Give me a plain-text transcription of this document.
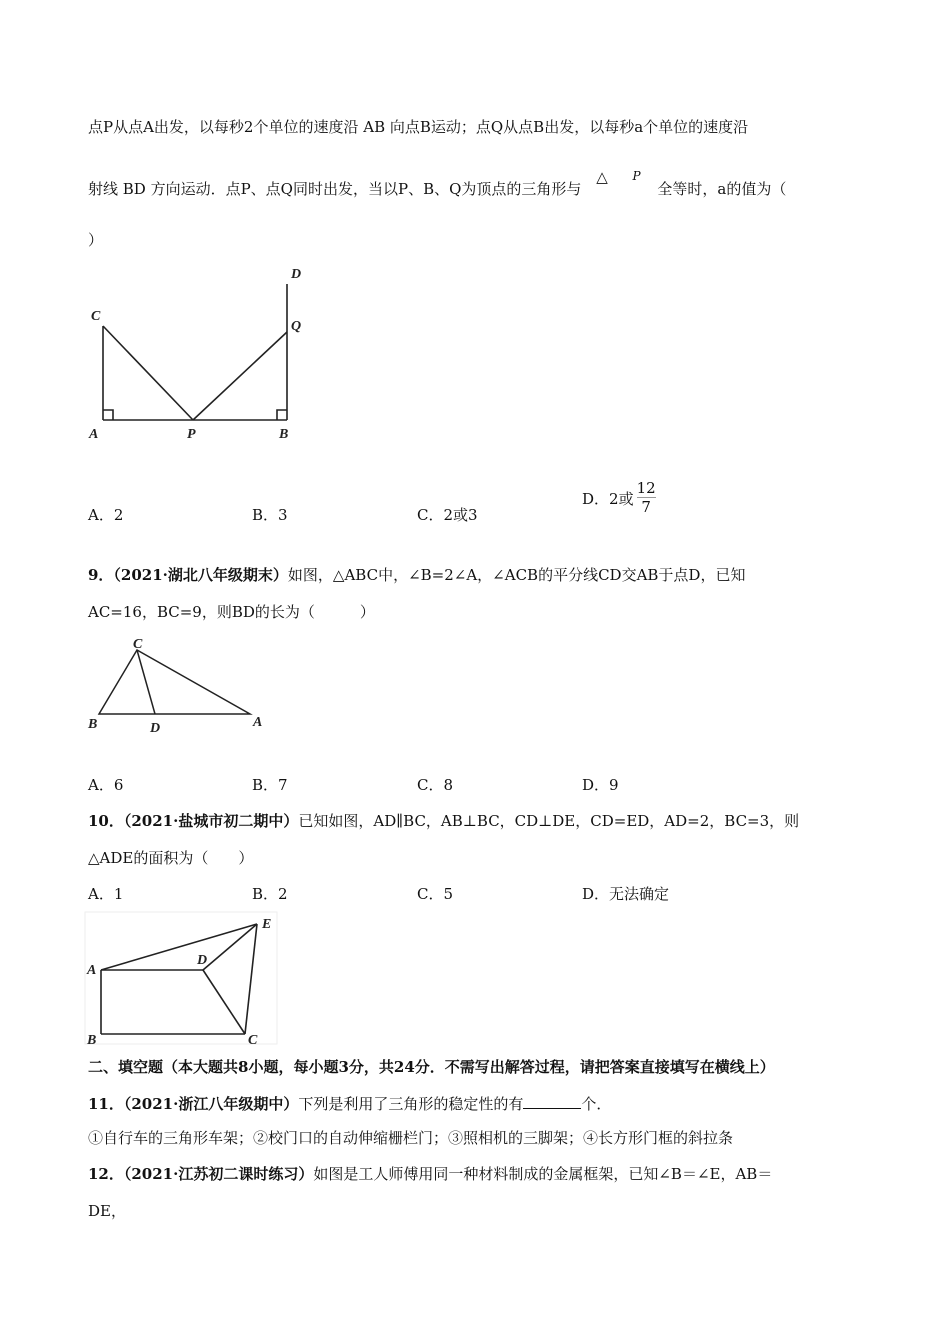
点P从点A出发，以每秒2个单位的速度沿 AB 向点B运动；点Q从点B出发，以每秒a个单位的速度沿
射线 BD 方向运动．点P、点Q同时出发，当以P、B、Q为顶点的三角形与 △ $^P$ 全等时，a的值为（
）
C
A	P	B
D
Q
A．2	B．3	C．2或3
D．2或 $\frac{12}{7}$
9．（2021·湖北八年级期末）如图，△ABC中，∠B=2∠A，∠ACB的平分线CD交AB于点D，已知
AC=16，BC=9，则BD的长为（　　　）
C
B	D	A
A．6	B．7	C．8	D．9
10．（2021·盐城市初二期中）已知如图，AD∥BC，AB⊥BC，CD⊥DE，CD=ED，AD=2，BC=3，则
△ADE的面积为（　　）
A．1	B．2	C．5	D．无法确定
A
B	C
D
E
二、填空题（本大题共8小题，每小题3分，共24分．不需写出解答过程，请把答案直接填写在横线上）
11．（2021·浙江八年级期中）下列是利用了三角形的稳定性的有	个．
①自行车的三角形车架；②校门口的自动伸缩栅栏门；③照相机的三脚架；④长方形门框的斜拉条
12．（2021·江苏初二课时练习）如图是工人师傅用同一种材料制成的金属框架，已知∠B＝∠E，AB＝
DE，
